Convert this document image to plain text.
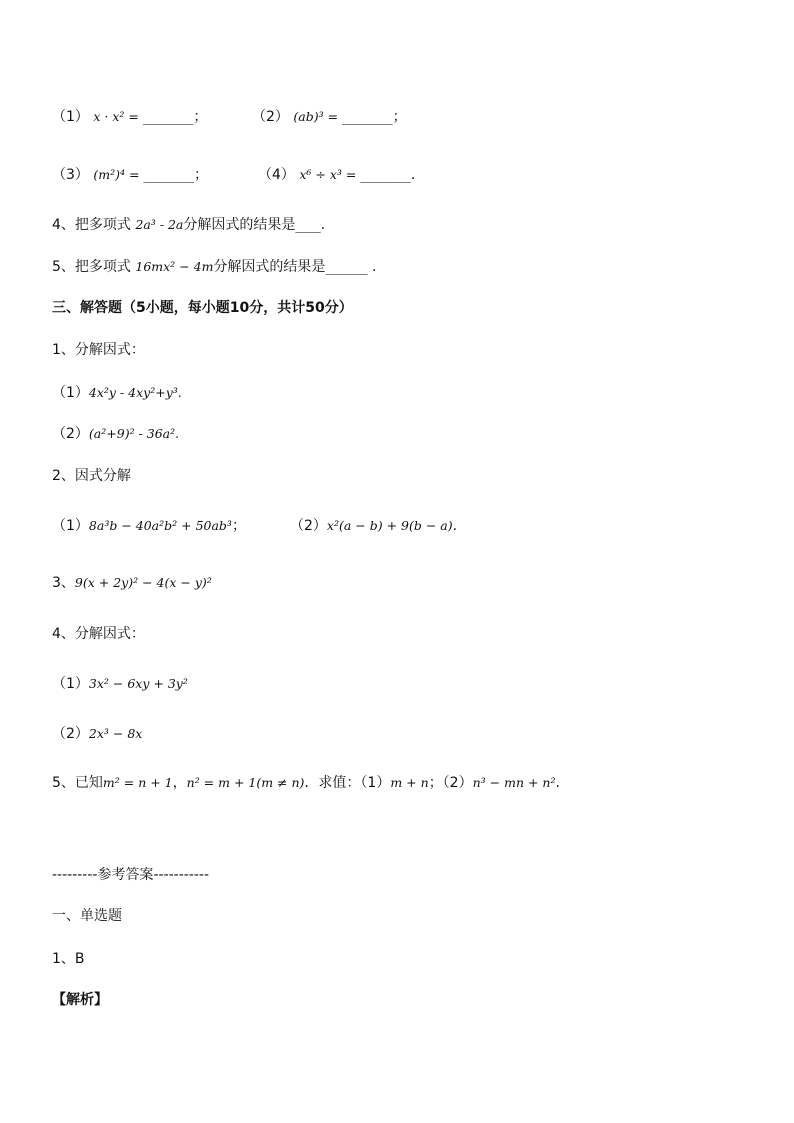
（1） x · x² = ______；	（2） (ab)³ = ______；
（3） (m²)⁴ = ______；	（4） x⁶ ÷ x³ = ______.
4、把多项式 2a³ - 2a分解因式的结果是___.
5、把多项式 16mx² − 4m分解因式的结果是_____ .
三、解答题（5小题，每小题10分，共计50分）
1、分解因式：
（1）4x²y - 4xy²+y³.
（2）(a²+9)² - 36a².
2、因式分解
（1）8a³b − 40a²b² + 50ab³；	（2）x²(a − b) + 9(b − a).
3、9(x + 2y)² − 4(x − y)²
4、分解因式：
（1）3x² − 6xy + 3y²
（2）2x³ − 8x
5、已知m² = n + 1，n² = m + 1(m ≠ n)．求值：（1）m + n；（2）n³ − mn + n².
---------参考答案-----------
一、单选题
1、B
【解析】
